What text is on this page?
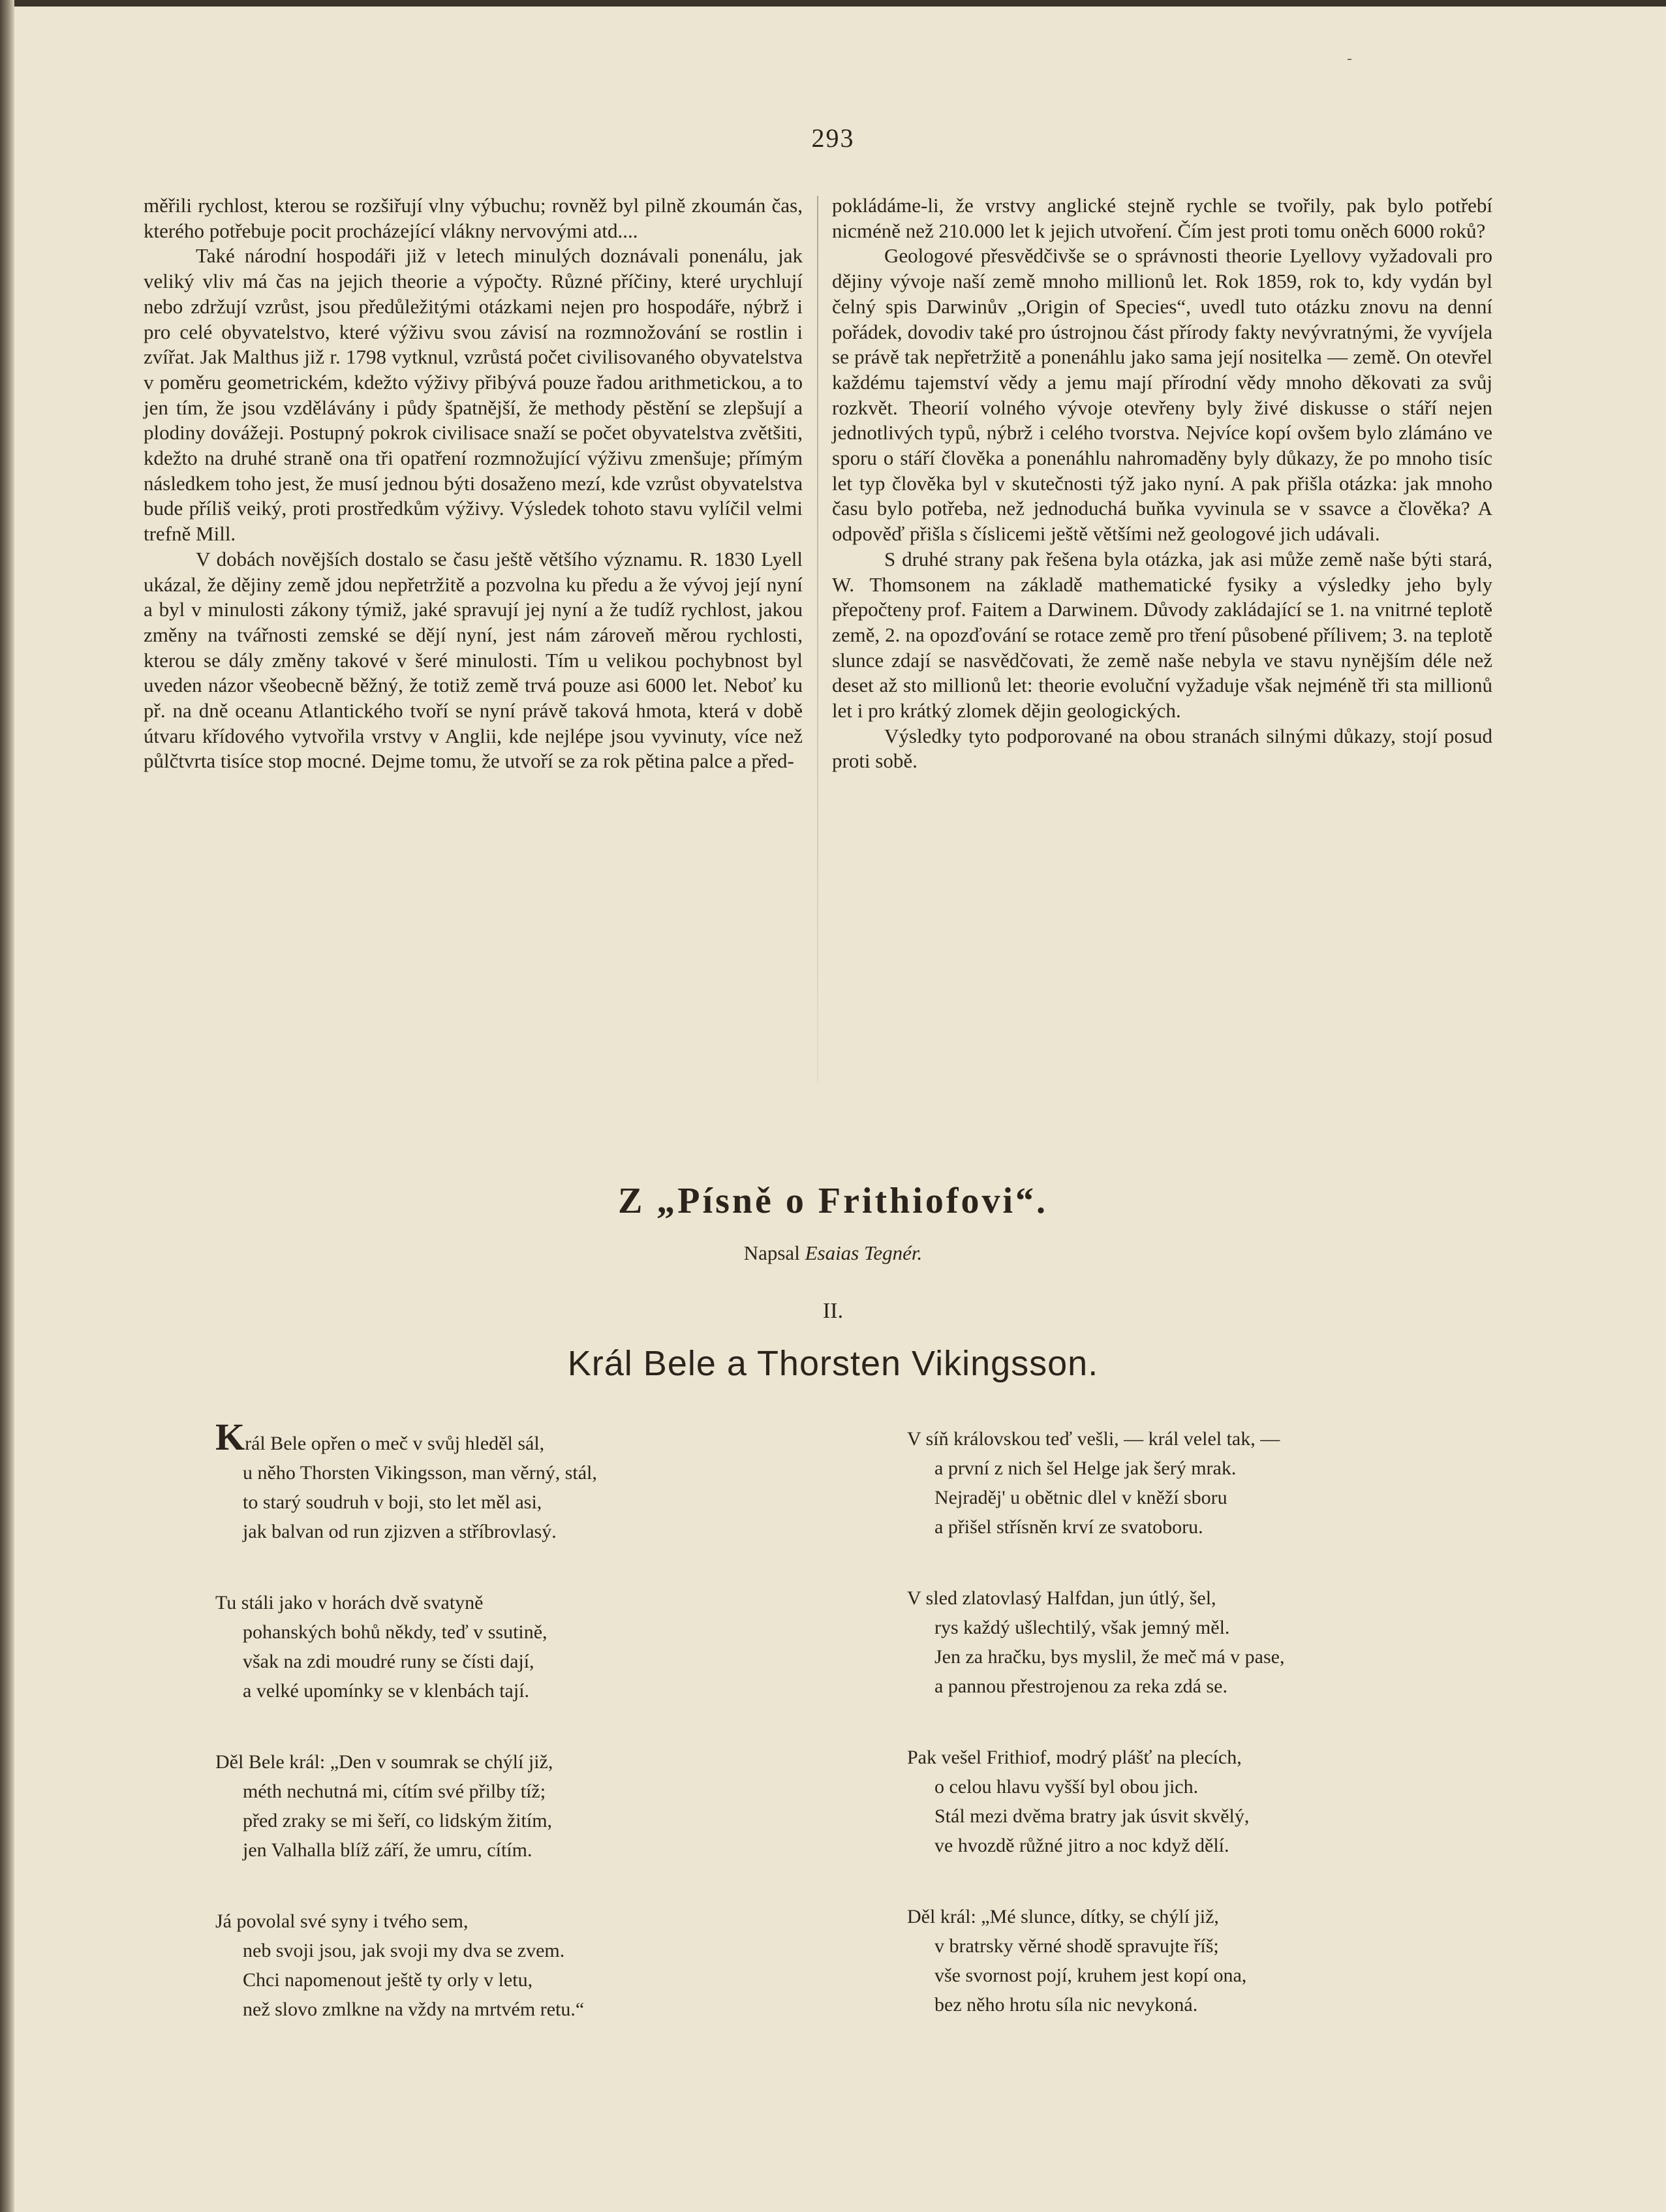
293

měřili rychlost, kterou se rozšiřují vlny výbuchu; rovněž byl pilně zkoumán čas, kterého potřebuje pocit procházející vlákny nervovými atd....

Také národní hospodáři již v letech minulých doznávali ponenálu, jak veliký vliv má čas na jejich theorie a výpočty. Různé příčiny, které urychlují nebo zdržují vzrůst, jsou předůležitými otázkami nejen pro hospodáře, nýbrž i pro celé obyvatelstvo, které výživu svou závisí na rozmnožování se rostlin i zvířat. Jak Malthus již r. 1798 vytknul, vzrůstá počet civilisovaného obyvatelstva v poměru geometrickém, kdežto výživy přibývá pouze řadou arithmetickou, a to jen tím, že jsou vzdělávány i půdy špatnější, že methody pěstění se zlepšují a plodiny dovážeji. Postupný pokrok civilisace snaží se počet obyvatelstva zvětšiti, kdežto na druhé straně ona tři opatření rozmnožující výživu zmenšuje; přímým následkem toho jest, že musí jednou býti dosaženo mezí, kde vzrůst obyvatelstva bude příliš veiký, proti prostředkům výživy. Výsledek tohoto stavu vylíčil velmi trefně Mill.

V dobách novějších dostalo se času ještě většího významu. R. 1830 Lyell ukázal, že dějiny země jdou nepřetržitě a pozvolna ku předu a že vývoj její nyní a byl v minulosti zákony týmiž, jaké spravují jej nyní a že tudíž rychlost, jakou změny na tvářnosti zemské se dějí nyní, jest nám zároveň měrou rychlosti, kterou se dály změny takové v šeré minulosti. Tím u velikou pochybnost byl uveden názor všeobecně běžný, že totiž země trvá pouze asi 6000 let. Neboť ku př. na dně oceanu Atlantického tvoří se nyní právě taková hmota, která v době útvaru křídového vytvořila vrstvy v Anglii, kde nejlépe jsou vyvinuty, více než půlčtvrta tisíce stop mocné. Dejme tomu, že utvoří se za rok pětina palce a před-

pokládáme-li, že vrstvy anglické stejně rychle se tvořily, pak bylo potřebí nicméně než 210.000 let k jejich utvoření. Čím jest proti tomu oněch 6000 roků?

Geologové přesvědčivše se o správnosti theorie Lyellovy vyžadovali pro dějiny vývoje naší země mnoho millionů let. Rok 1859, rok to, kdy vydán byl čelný spis Darwinův „Origin of Species“, uvedl tuto otázku znovu na denní pořádek, dovodiv také pro ústrojnou část přírody fakty nevývratnými, že vyvíjela se právě tak nepřetržitě a ponenáhlu jako sama její nositelka — země. On otevřel každému tajemství vědy a jemu mají přírodní vědy mnoho děkovati za svůj rozkvět. Theorií volného vývoje otevřeny byly živé diskusse o stáří nejen jednotlivých typů, nýbrž i celého tvorstva. Nejvíce kopí ovšem bylo zlámáno ve sporu o stáří člověka a ponenáhlu nahromaděny byly důkazy, že po mnoho tisíc let typ člověka byl v skutečnosti týž jako nyní. A pak přišla otázka: jak mnoho času bylo potřeba, než jednoduchá buňka vyvinula se v ssavce a člověka? A odpověď přišla s číslicemi ještě většími než geologové jich udávali.

S druhé strany pak řešena byla otázka, jak asi může země naše býti stará, W. Thomsonem na základě mathematické fysiky a výsledky jeho byly přepočteny prof. Faitem a Darwinem. Důvody zakládající se 1. na vnitrné teplotě země, 2. na opozďování se rotace země pro tření působené přílivem; 3. na teplotě slunce zdají se nasvědčovati, že země naše nebyla ve stavu nynějším déle než deset až sto millionů let: theorie evoluční vyžaduje však nejméně tři sta millionů let i pro krátký zlomek dějin geologických.

Výsledky tyto podporované na obou stranách silnými důkazy, stojí posud proti sobě.

Z „Písně o Frithiofovi“.
Napsal Esaias Tegnér.
II.
Král Bele a Thorsten Vikingsson.
Král Bele opřen o meč v svůj hleděl sál,
u něho Thorsten Vikingsson, man věrný, stál,
to starý soudruh v boji, sto let měl asi,
jak balvan od run zjizven a stříbrovlasý.
Tu stáli jako v horách dvě svatyně
pohanských bohů někdy, teď v ssutině,
však na zdi moudré runy se čísti dají,
a velké upomínky se v klenbách tají.
Děl Bele král: „Den v soumrak se chýlí již,
méth nechutná mi, cítím své přilby tíž;
před zraky se mi šeří, co lidským žitím,
jen Valhalla blíž září, že umru, cítím.
Já povolal své syny i tvého sem,
neb svoji jsou, jak svoji my dva se zvem.
Chci napomenout ještě ty orly v letu,
než slovo zmlkne na vždy na mrtvém retu.“
V síň královskou teď vešli, — král velel tak, —
a první z nich šel Helge jak šerý mrak.
Nejraděj' u obětnic dlel v kněží sboru
a přišel střísněn krví ze svatoboru.
V sled zlatovlasý Halfdan, jun útlý, šel,
rys každý ušlechtilý, však jemný měl.
Jen za hračku, bys myslil, že meč má v pase,
a pannou přestrojenou za reka zdá se.
Pak vešel Frithiof, modrý plášť na plecích,
o celou hlavu vyšší byl obou jich.
Stál mezi dvěma bratry jak úsvit skvělý,
ve hvozdě růžné jitro a noc když dělí.
Děl král: „Mé slunce, dítky, se chýlí již,
v bratrsky věrné shodě spravujte říš;
vše svornost pojí, kruhem jest kopí ona,
bez něho hrotu síla nic nevykoná.
